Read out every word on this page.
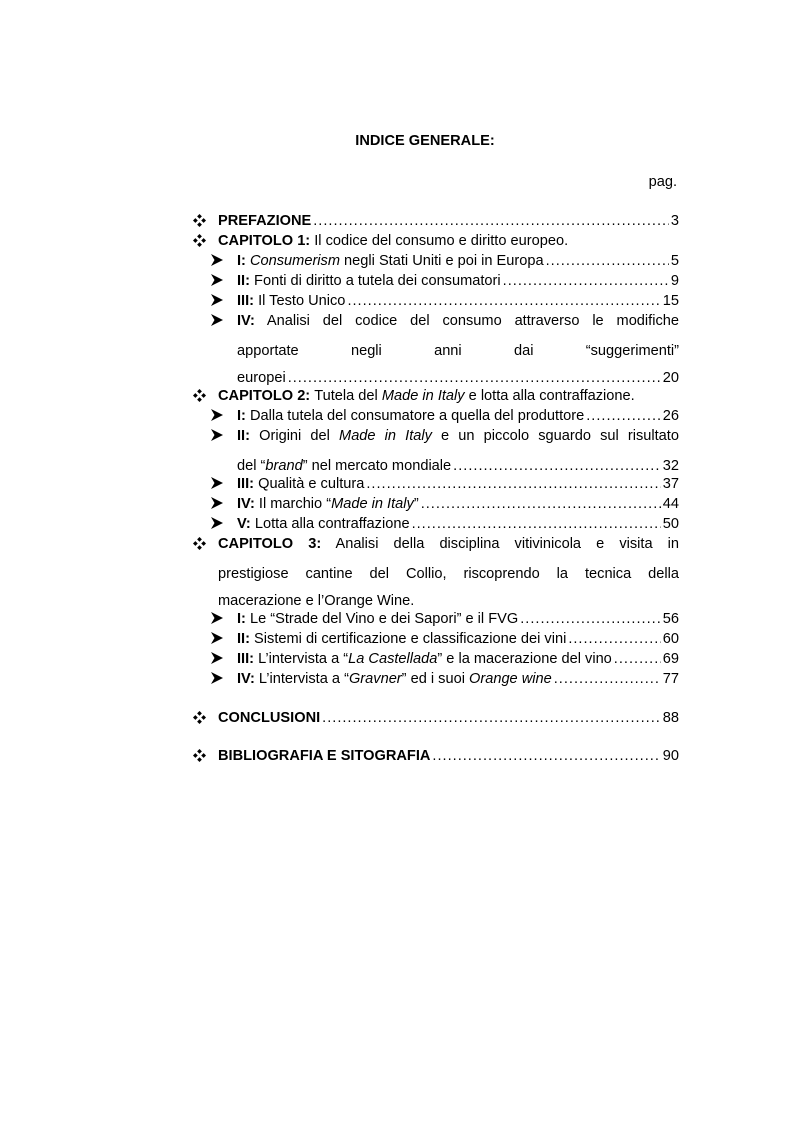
INDICE GENERALE:
pag.
PREFAZIONE .....	3
CAPITOLO 1:
Il codice del consumo e diritto europeo.
I:
Consumerism negli Stati Uniti e poi in Europa .....	5
II:
Fonti di diritto a tutela dei consumatori .....	9
III:
Il Testo Unico .....	15
IV: Analisi del codice del consumo attraverso le modifiche
apportate negli anni dai “suggerimenti”
europei .....	20
CAPITOLO 2:
Tutela del Made in Italy e lotta alla contraffazione.
I:
Dalla tutela del consumatore a quella del produttore .....	26
II: Origini del Made in Italy e un piccolo sguardo sul risultato
del “ brand ” nel mercato mondiale .....	32
III:
Qualità e cultura .....	37
IV:
Il marchio “ Made in Italy ” .....	44
V:
Lotta alla contraffazione .....	50
CAPITOLO 3: Analisi della disciplina vitivinicola e visita in
prestigiose cantine del Collio, riscoprendo la tecnica della
macerazione e l’Orange Wine.
I:
Le “Strade del Vino e dei Sapori” e il FVG .....	56
II:
Sistemi di certificazione e classificazione dei vini .....	60
III:
L’intervista a “ La Castellada ” e la macerazione del vino .....	69
IV:
L’intervista a “ Gravner ” ed i suoi Orange wine .....	77
CONCLUSIONI .....	88
BIBLIOGRAFIA E SITOGRAFIA .....	90
